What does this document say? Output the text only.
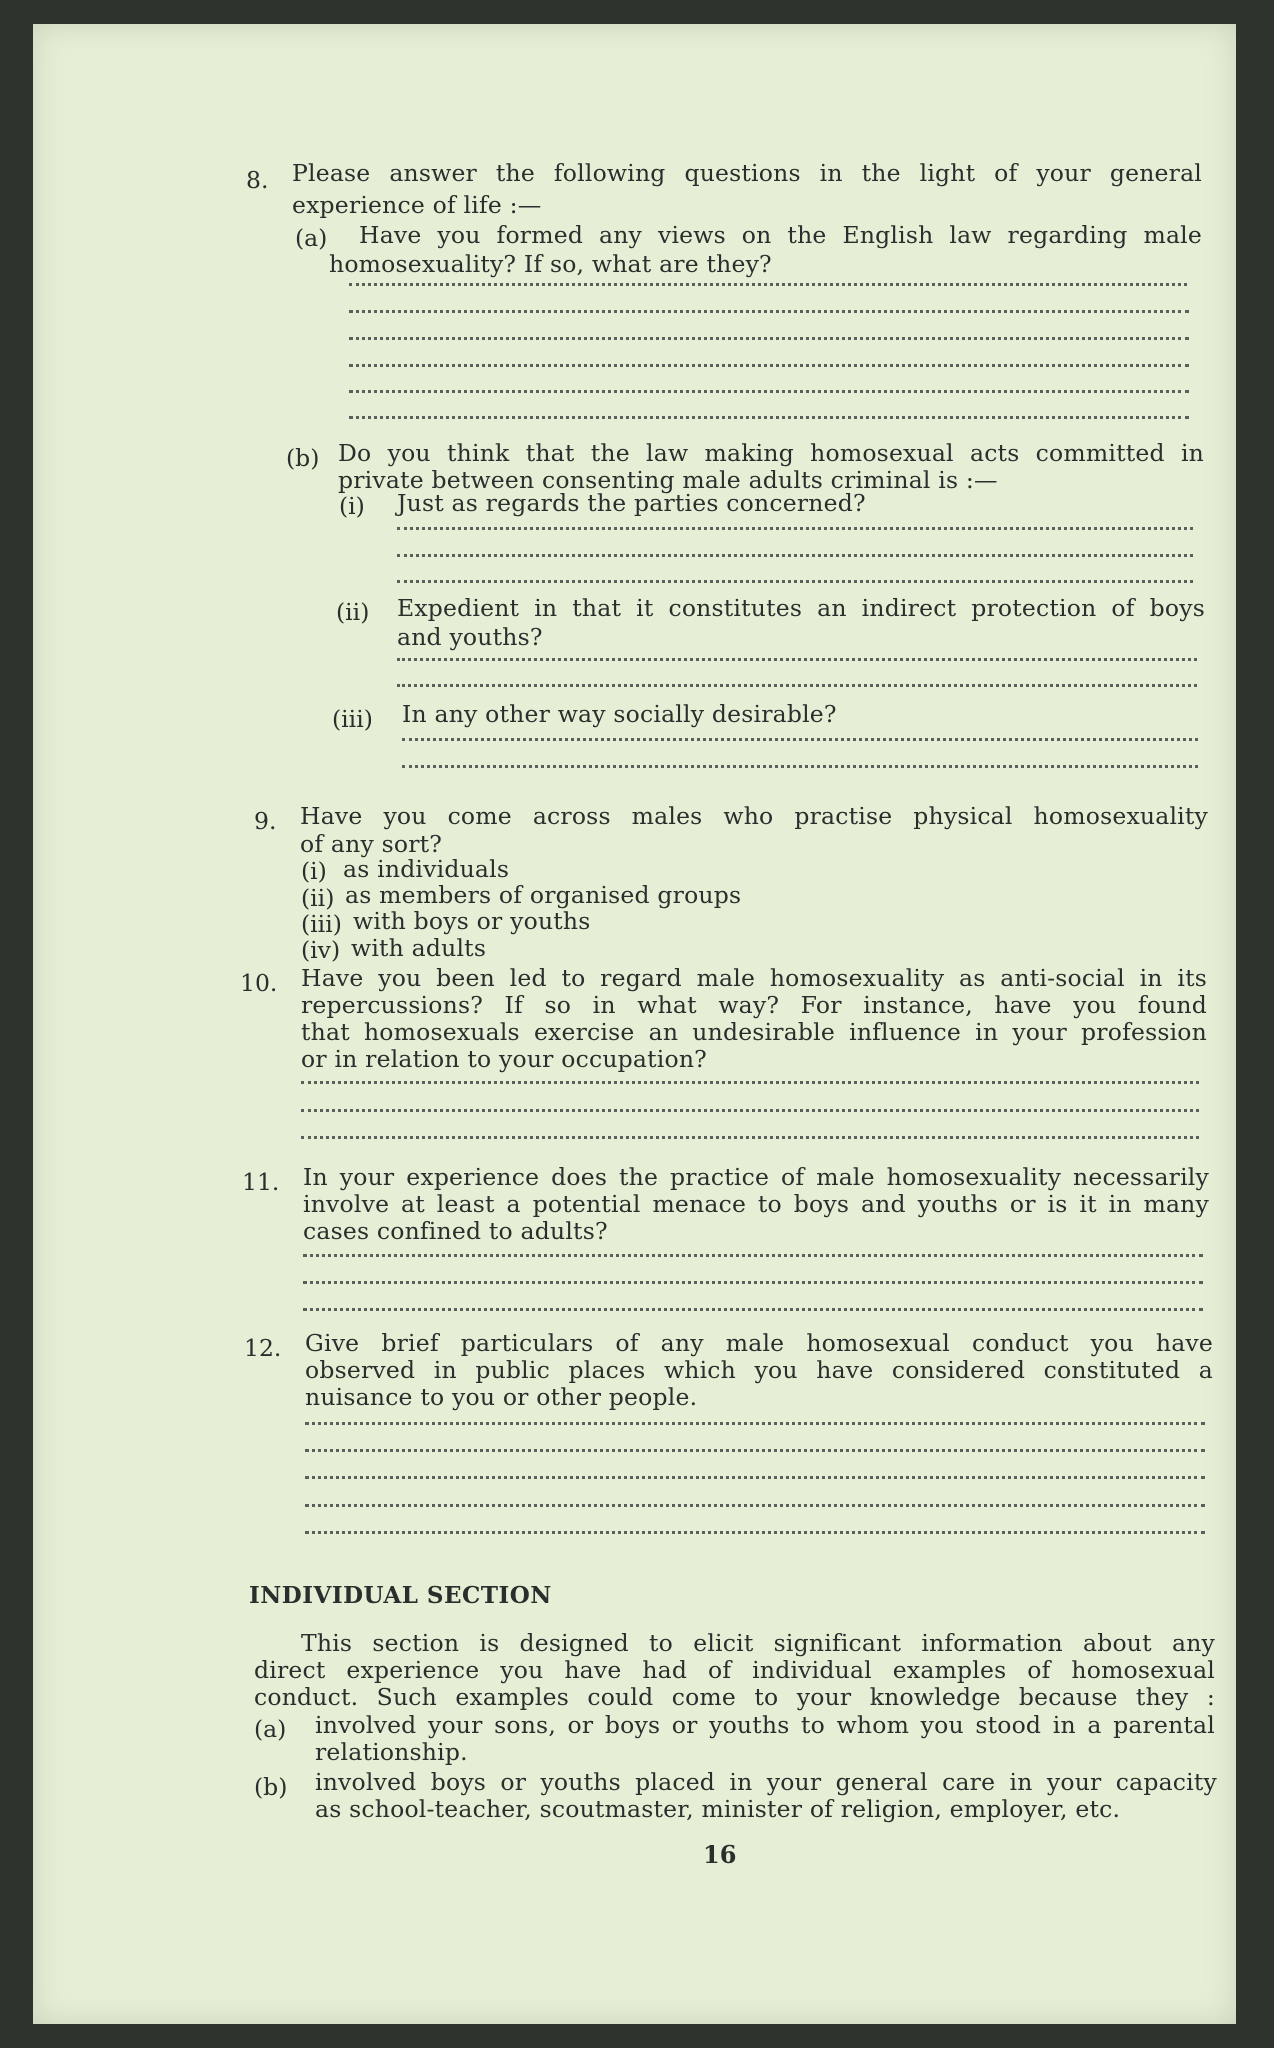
8. Please answer the following questions in the light of your general
experience of life :—
(a) Have you formed any views on the English law regarding male
homosexuality? If so, what are they?
(b) Do you think that the law making homosexual acts committed in
private between consenting male adults criminal is :—
(i) Just as regards the parties concerned?
(ii) Expedient in that it constitutes an indirect protection of boys
and youths?
(iii) In any other way socially desirable?
9. Have you come across males who practise physical homosexuality
of any sort?
(i) as individuals
(ii) as members of organised groups
(iii) with boys or youths
(iv) with adults
10. Have you been led to regard male homosexuality as anti-social in its
repercussions? If so in what way? For instance, have you found
that homosexuals exercise an undesirable influence in your profession
or in relation to your occupation?
11. In your experience does the practice of male homosexuality necessarily
involve at least a potential menace to boys and youths or is it in many
cases confined to adults?
12. Give brief particulars of any male homosexual conduct you have
observed in public places which you have considered constituted a
nuisance to you or other people.
INDIVIDUAL SECTION
This section is designed to elicit significant information about any
direct experience you have had of individual examples of homosexual
conduct. Such examples could come to your knowledge because they :
(a) involved your sons, or boys or youths to whom you stood in a parental
relationship.
(b) involved boys or youths placed in your general care in your capacity
as school-teacher, scoutmaster, minister of religion, employer, etc.
16
